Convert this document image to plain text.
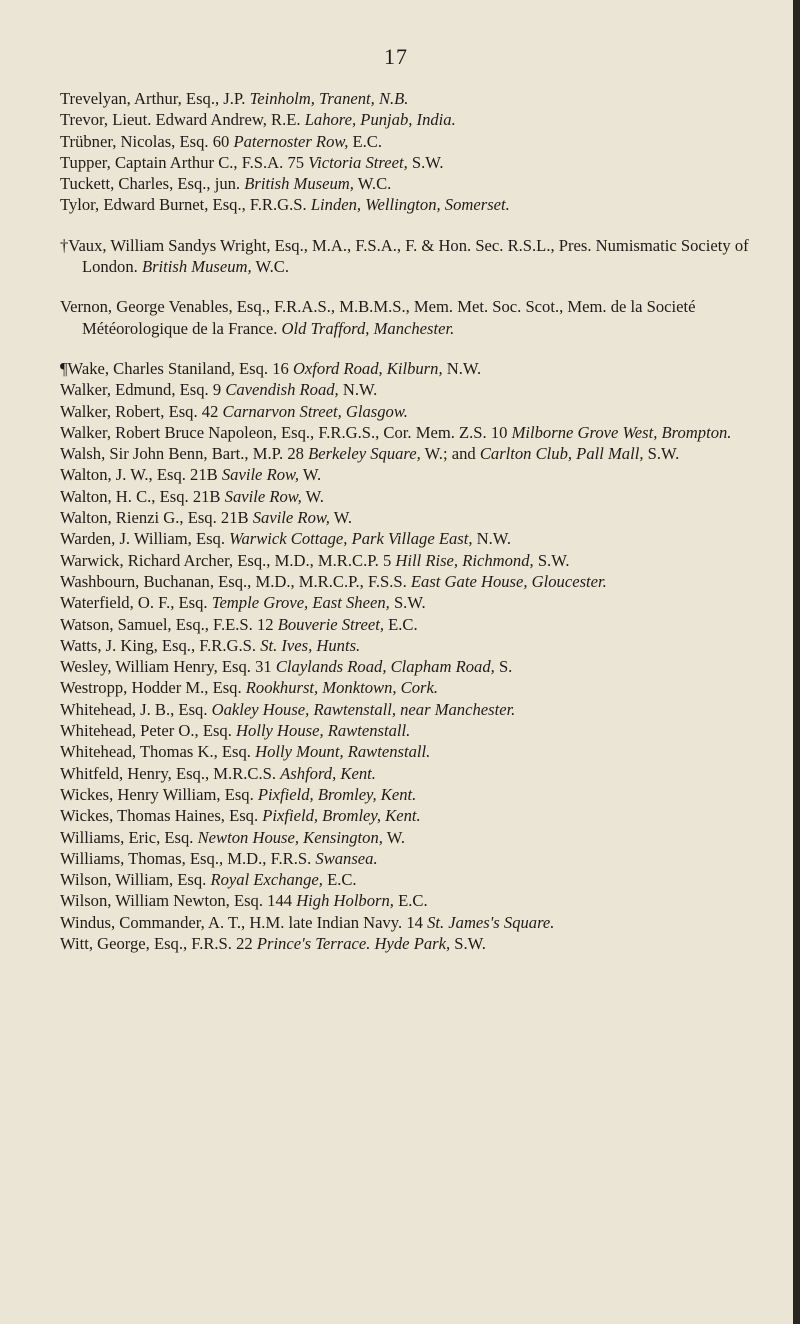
17

Trevelyan, Arthur, Esq., J.P. Teinholm, Tranent, N.B.

Trevor, Lieut. Edward Andrew, R.E. Lahore, Punjab, India.

Trübner, Nicolas, Esq. 60 Paternoster Row, E.C.

Tupper, Captain Arthur C., F.S.A. 75 Victoria Street, S.W.

Tuckett, Charles, Esq., jun. British Museum, W.C.

Tylor, Edward Burnet, Esq., F.R.G.S. Linden, Wellington, Somerset.

†Vaux, William Sandys Wright, Esq., M.A., F.S.A., F. & Hon. Sec. R.S.L., Pres. Numismatic Society of London. British Museum, W.C.

Vernon, George Venables, Esq., F.R.A.S., M.B.M.S., Mem. Met. Soc. Scot., Mem. de la Societé Météorologique de la France. Old Trafford, Manchester.

¶Wake, Charles Staniland, Esq. 16 Oxford Road, Kilburn, N.W.

Walker, Edmund, Esq. 9 Cavendish Road, N.W.

Walker, Robert, Esq. 42 Carnarvon Street, Glasgow.

Walker, Robert Bruce Napoleon, Esq., F.R.G.S., Cor. Mem. Z.S. 10 Milborne Grove West, Brompton.

Walsh, Sir John Benn, Bart., M.P. 28 Berkeley Square, W.; and Carlton Club, Pall Mall, S.W.

Walton, J. W., Esq. 21B Savile Row, W.

Walton, H. C., Esq. 21B Savile Row, W.

Walton, Rienzi G., Esq. 21B Savile Row, W.

Warden, J. William, Esq. Warwick Cottage, Park Village East, N.W.

Warwick, Richard Archer, Esq., M.D., M.R.C.P. 5 Hill Rise, Richmond, S.W.

Washbourn, Buchanan, Esq., M.D., M.R.C.P., F.S.S. East Gate House, Gloucester.

Waterfield, O. F., Esq. Temple Grove, East Sheen, S.W.

Watson, Samuel, Esq., F.E.S. 12 Bouverie Street, E.C.

Watts, J. King, Esq., F.R.G.S. St. Ives, Hunts.

Wesley, William Henry, Esq. 31 Claylands Road, Clapham Road, S.

Westropp, Hodder M., Esq. Rookhurst, Monktown, Cork.

Whitehead, J. B., Esq. Oakley House, Rawtenstall, near Manchester.

Whitehead, Peter O., Esq. Holly House, Rawtenstall.

Whitehead, Thomas K., Esq. Holly Mount, Rawtenstall.

Whitfeld, Henry, Esq., M.R.C.S. Ashford, Kent.

Wickes, Henry William, Esq. Pixfield, Bromley, Kent.

Wickes, Thomas Haines, Esq. Pixfield, Bromley, Kent.

Williams, Eric, Esq. Newton House, Kensington, W.

Williams, Thomas, Esq., M.D., F.R.S. Swansea.

Wilson, William, Esq. Royal Exchange, E.C.

Wilson, William Newton, Esq. 144 High Holborn, E.C.

Windus, Commander, A. T., H.M. late Indian Navy. 14 St. James's Square.

Witt, George, Esq., F.R.S. 22 Prince's Terrace. Hyde Park, S.W.
